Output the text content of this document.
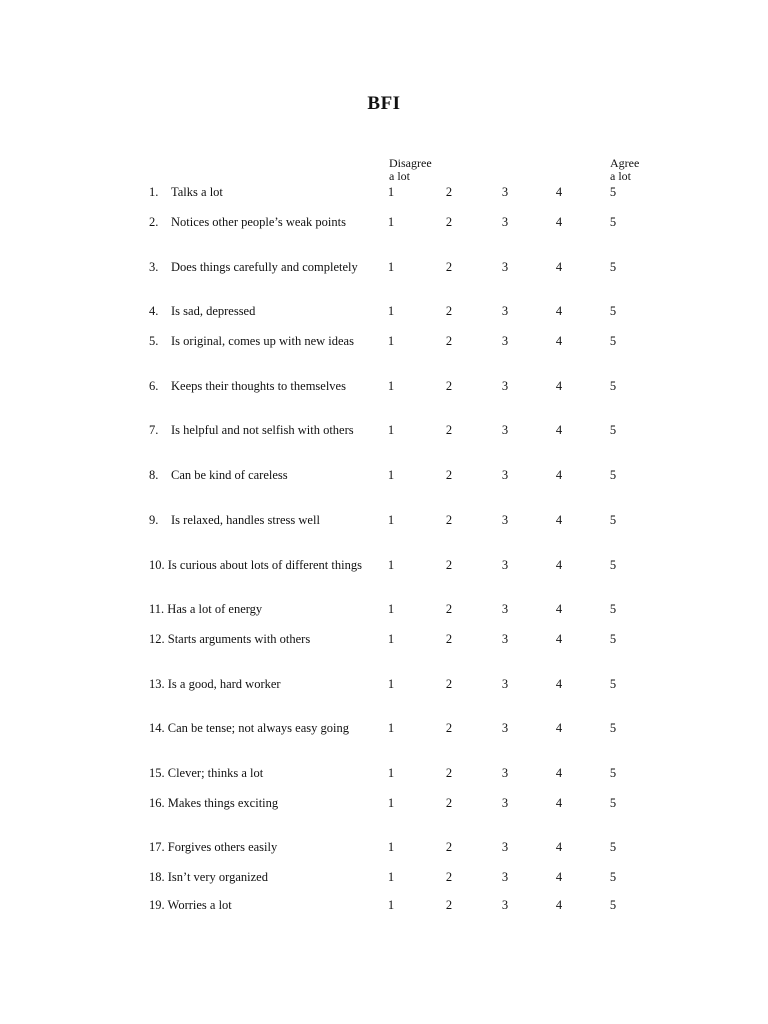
BFI
Disagree
a lot
Agree
a lot
1. Talks a lot	1	2	3	4	5
2. Notices other people’s weak points	1	2	3	4	5
3. Does things carefully and completely 1	2	3	4	5
4. Is sad, depressed	1	2	3	4	5
5. Is original, comes up with new ideas	1	2	3	4	5
6. Keeps their thoughts to themselves	1	2	3	4	5
7. Is helpful and not selfish with others	1	2	3	4	5
8. Can be kind of careless	1	2	3	4	5
9. Is relaxed, handles stress well	1	2	3	4	5
10. Is curious about lots of different things 1	2	3	4	5
11. Has a lot of energy	1	2	3	4	5
12. Starts arguments with others	1	2	3	4	5
13. Is a good, hard worker	1	2	3	4	5
14. Can be tense; not always easy going	1	2	3	4	5
15. Clever; thinks a lot	1	2	3	4	5
16. Makes things exciting	1	2	3	4	5
17. Forgives others easily	1	2	3	4	5
18. Isn’t very organized	1	2	3	4	5
19. Worries a lot	1	2	3	4	5
